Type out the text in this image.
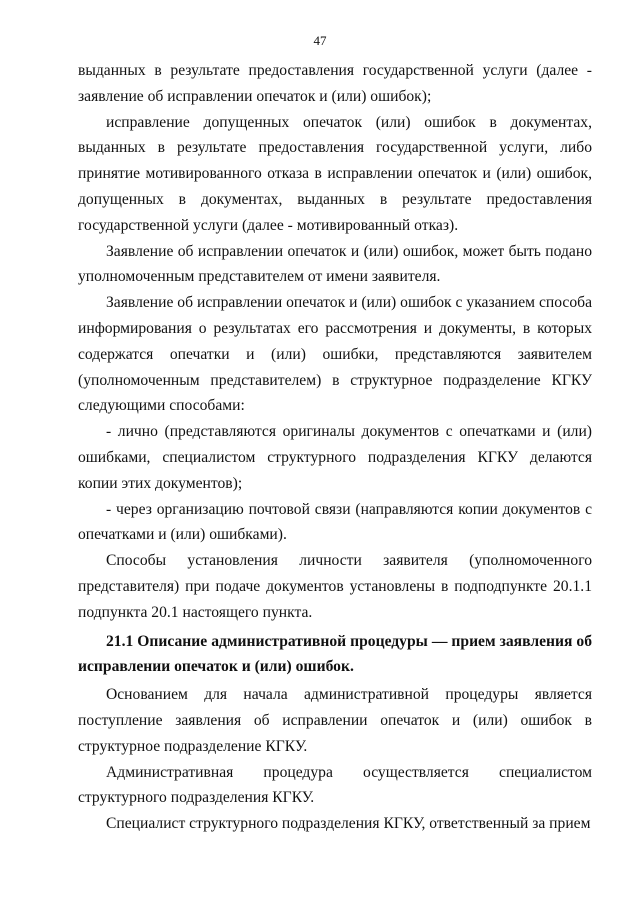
47

выданных в результате предоставления государственной услуги (далее - заявление об исправлении опечаток и (или) ошибок);

исправление допущенных опечаток (или) ошибок в документах, выданных в результате предоставления государственной услуги, либо принятие мотивированного отказа в исправлении опечаток и (или) ошибок, допущенных в документах, выданных в результате предоставления государственной услуги (далее - мотивированный отказ).

Заявление об исправлении опечаток и (или) ошибок, может быть подано уполномоченным представителем от имени заявителя.

Заявление об исправлении опечаток и (или) ошибок с указанием способа информирования о результатах его рассмотрения и документы, в которых содержатся опечатки и (или) ошибки, представляются заявителем (уполномоченным представителем) в структурное подразделение КГКУ следующими способами:

- лично (представляются оригиналы документов с опечатками и (или) ошибками, специалистом структурного подразделения КГКУ делаются копии этих документов);

- через организацию почтовой связи (направляются копии документов с опечатками и (или) ошибками).

Способы установления личности заявителя (уполномоченного представителя) при подаче документов установлены в подподпункте 20.1.1 подпункта 20.1 настоящего пункта.

21.1 Описание административной процедуры — прием заявления об исправлении опечаток и (или) ошибок.

Основанием для начала административной процедуры является поступление заявления об исправлении опечаток и (или) ошибок в структурное подразделение КГКУ.

Административная процедура осуществляется специалистом структурного подразделения КГКУ.

Специалист структурного подразделения КГКУ, ответственный за прием
